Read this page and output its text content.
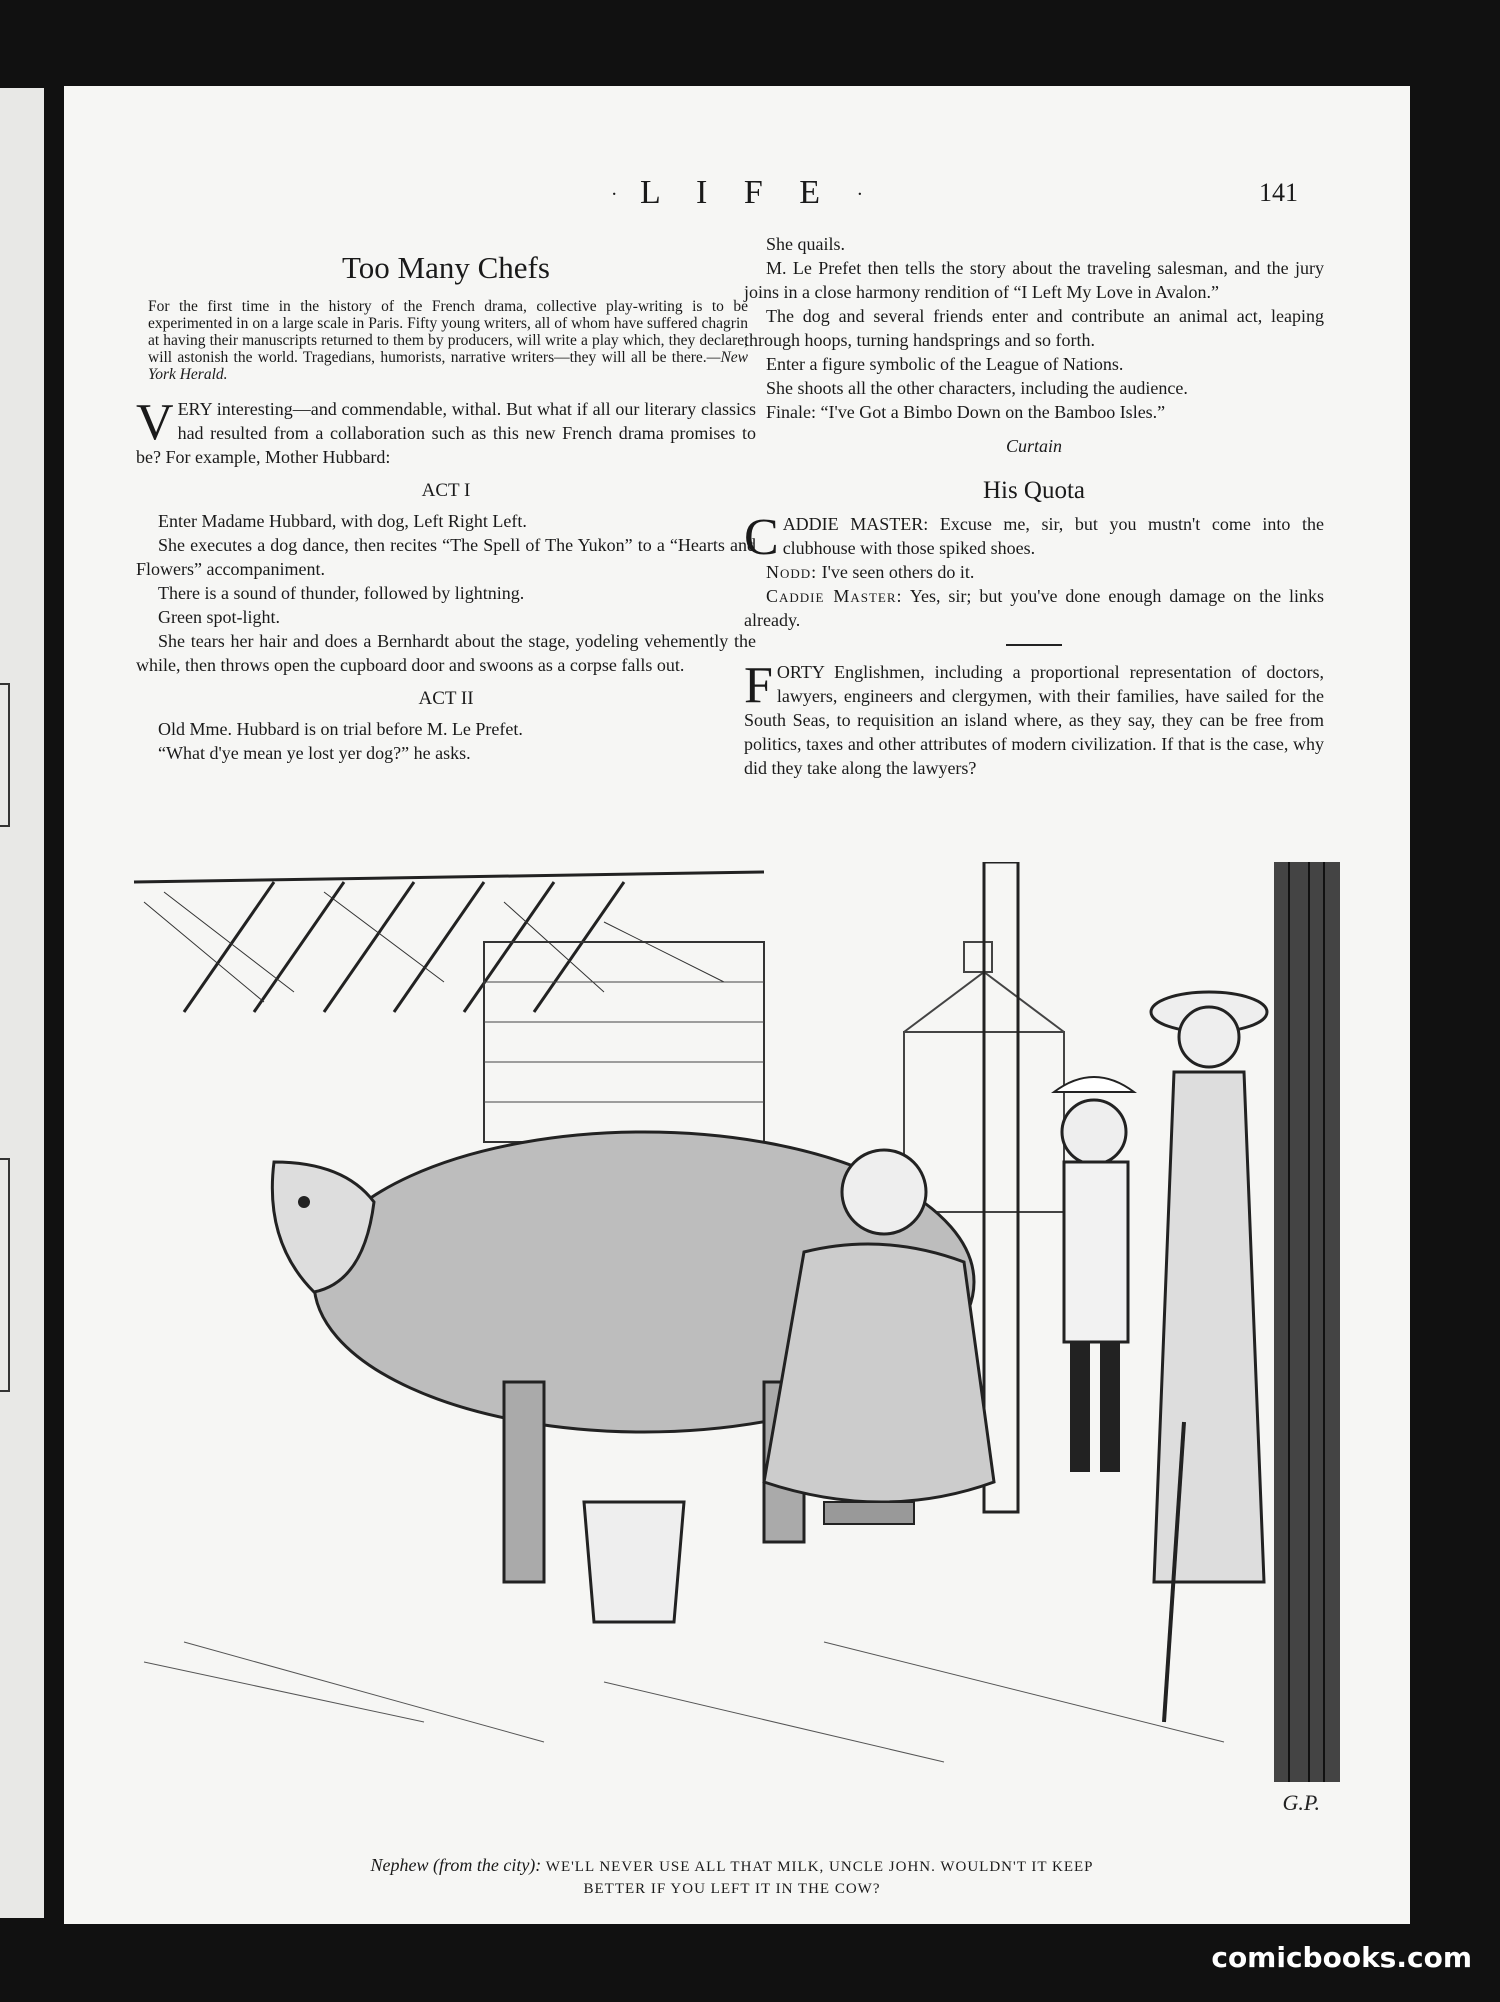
· L I F E ·	141
Too Many Chefs
For the first time in the history of the French drama, collective play-writing is to be experimented in on a large scale in Paris. Fifty young writers, all of whom have suffered chagrin at having their manuscripts returned to them by producers, will write a play which, they declare, will astonish the world. Tragedians, humorists, narrative writers—they will all be there.—New York Herald.

VERY interesting—and commendable, withal. But what if all our literary classics had resulted from a collaboration such as this new French drama promises to be? For example, Mother Hubbard:

ACT I

Enter Madame Hubbard, with dog, Left Right Left.

She executes a dog dance, then recites “The Spell of The Yukon” to a “Hearts and Flowers” accompaniment.

There is a sound of thunder, followed by lightning.

Green spot-light.

She tears her hair and does a Bernhardt about the stage, yodeling vehemently the while, then throws open the cupboard door and swoons as a corpse falls out.

ACT II

Old Mme. Hubbard is on trial before M. Le Prefet.

“What d'ye mean ye lost yer dog?” he asks.

She quails.

M. Le Prefet then tells the story about the traveling salesman, and the jury joins in a close harmony rendition of “I Left My Love in Avalon.”

The dog and several friends enter and contribute an animal act, leaping through hoops, turning handsprings and so forth.

Enter a figure symbolic of the League of Nations.

She shoots all the other characters, including the audience.

Finale: “I've Got a Bimbo Down on the Bamboo Isles.”

Curtain
His Quota

CADDIE MASTER: Excuse me, sir, but you mustn't come into the clubhouse with those spiked shoes.

Nodd: I've seen others do it.

Caddie Master: Yes, sir; but you've done enough damage on the links already.

FORTY Englishmen, including a proportional representation of doctors, lawyers, engineers and clergymen, with their families, have sailed for the South Seas, to requisition an island where, as they say, they can be free from politics, taxes and other attributes of modern civilization. If that is the case, why did they take along the lawyers?

G.P.
Nephew (from the city): WE'LL NEVER USE ALL THAT MILK, UNCLE JOHN. WOULDN'T IT KEEP
BETTER IF YOU LEFT IT IN THE COW?
comicbooks.com
